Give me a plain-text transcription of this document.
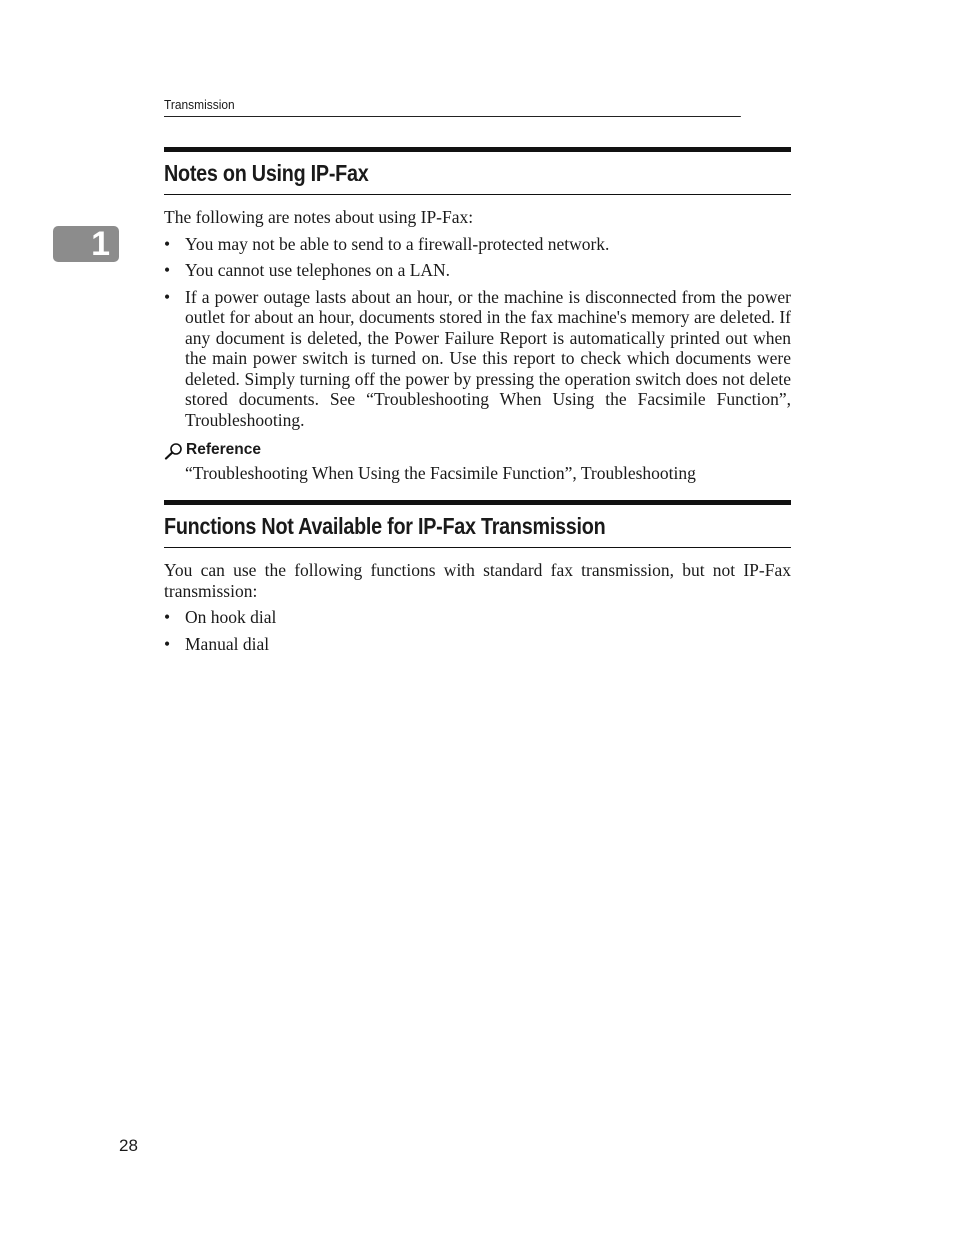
Transmission
1
Notes on Using IP-Fax

The following are notes about using IP-Fax:

• You may not be able to send to a firewall-protected network.
• You cannot use telephones on a LAN.
• If a power outage lasts about an hour, or the machine is disconnected from the power outlet for about an hour, documents stored in the fax machine's memory are deleted. If any document is deleted, the Power Failure Report is automatically printed out when the main power switch is turned on. Use this report to check which documents were deleted. Simply turning off the power by pressing the operation switch does not delete stored documents. See “Troubleshooting When Using the Facsimile Function”, Troubleshooting.
Reference
“Troubleshooting When Using the Facsimile Function”, Troubleshooting
Functions Not Available for IP-Fax Transmission

You can use the following functions with standard fax transmission, but not IP-Fax transmission:

• On hook dial
• Manual dial
28
